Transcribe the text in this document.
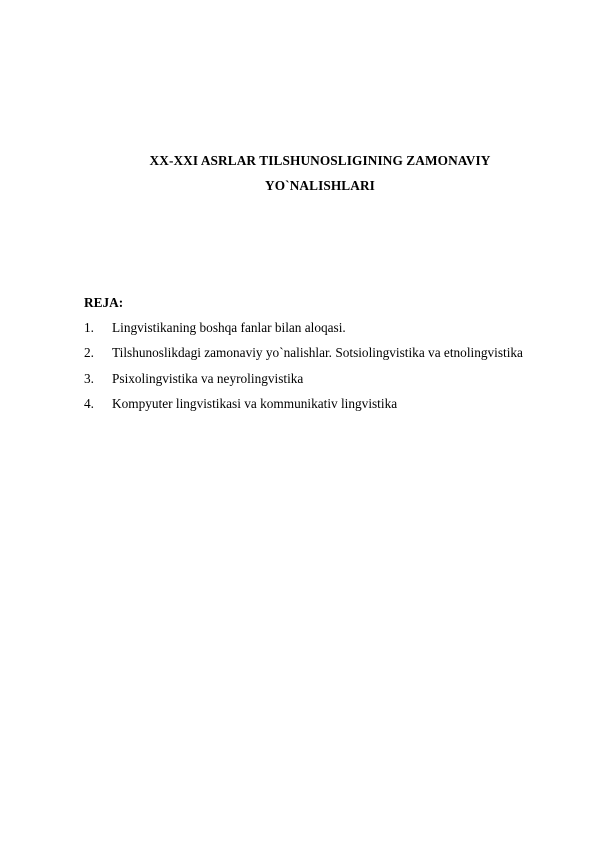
XX-XXI ASRLAR TILSHUNOSLIGINING ZAMONAVIY
YO`NALISHLARI
REJA:
1.	Lingvistikaning boshqa fanlar bilan aloqasi.
2.	Tilshunoslikdagi zamonaviy yo`nalishlar. Sotsiolingvistika va etnolingvistika
3.	Psixolingvistika va neyrolingvistika
4.	Kompyuter lingvistikasi va kommunikativ lingvistika
